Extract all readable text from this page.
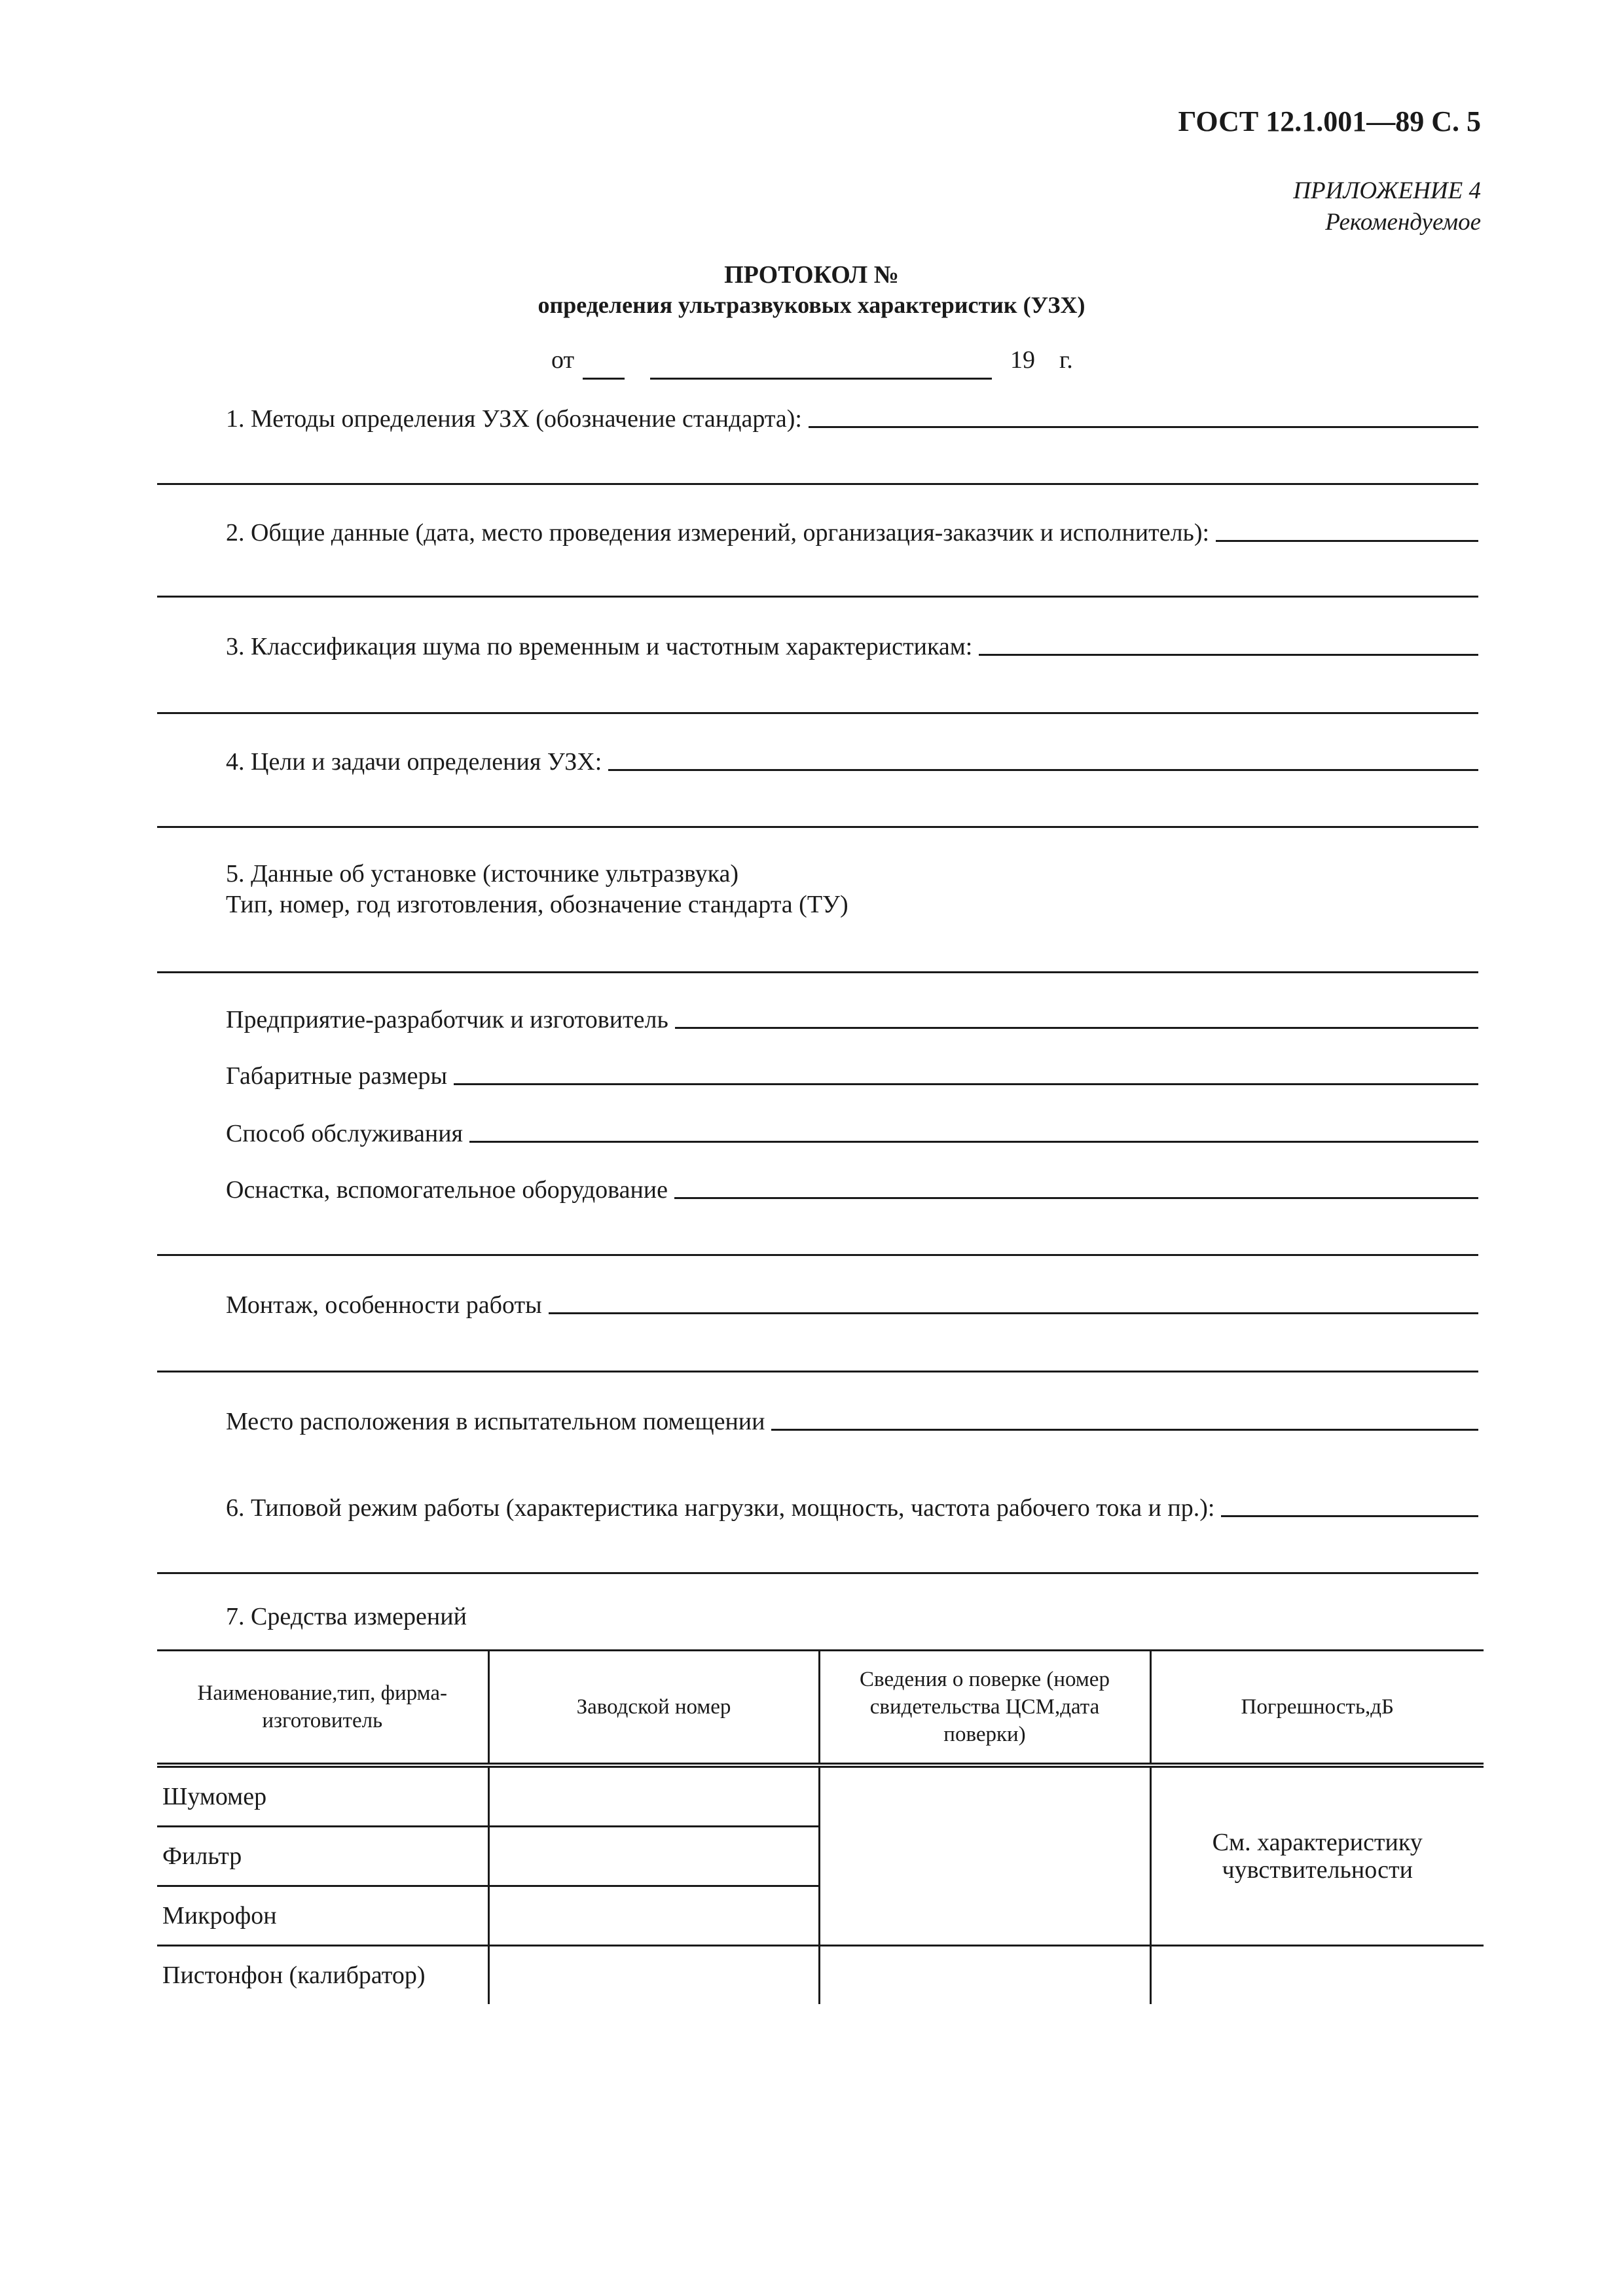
ГОСТ 12.1.001—89 С. 5
ПРИЛОЖЕНИЕ 4
Рекомендуемое
ПРОТОКОЛ №
определения ультразвуковых характеристик (УЗХ)
от	19 г.
1. Методы определения УЗХ (обозначение стандарта):
2. Общие данные (дата, место проведения измерений, организация-заказчик и исполнитель):
3. Классификация шума по временным и частотным характеристикам:
4. Цели и задачи определения УЗХ:
5. Данные об установке (источнике ультразвука)
Тип, номер, год изготовления, обозначение стандарта (ТУ)
Предприятие-разработчик и изготовитель
Габаритные размеры
Способ обслуживания
Оснастка, вспомогательное оборудование
Монтаж, особенности работы
Место расположения в испытательном помещении
6. Типовой режим работы (характеристика нагрузки, мощность, частота рабочего тока и пр.):
7. Средства измерений
Наименование,тип, фирма-изготовитель	Заводской номер	Сведения о поверке (номер свидетельства ЦСМ,дата поверки)	Погрешность,дБ
Шумомер			См. характеристику чувствительности
Фильтр			
Микрофон			
Пистонфон (калибратор)			
